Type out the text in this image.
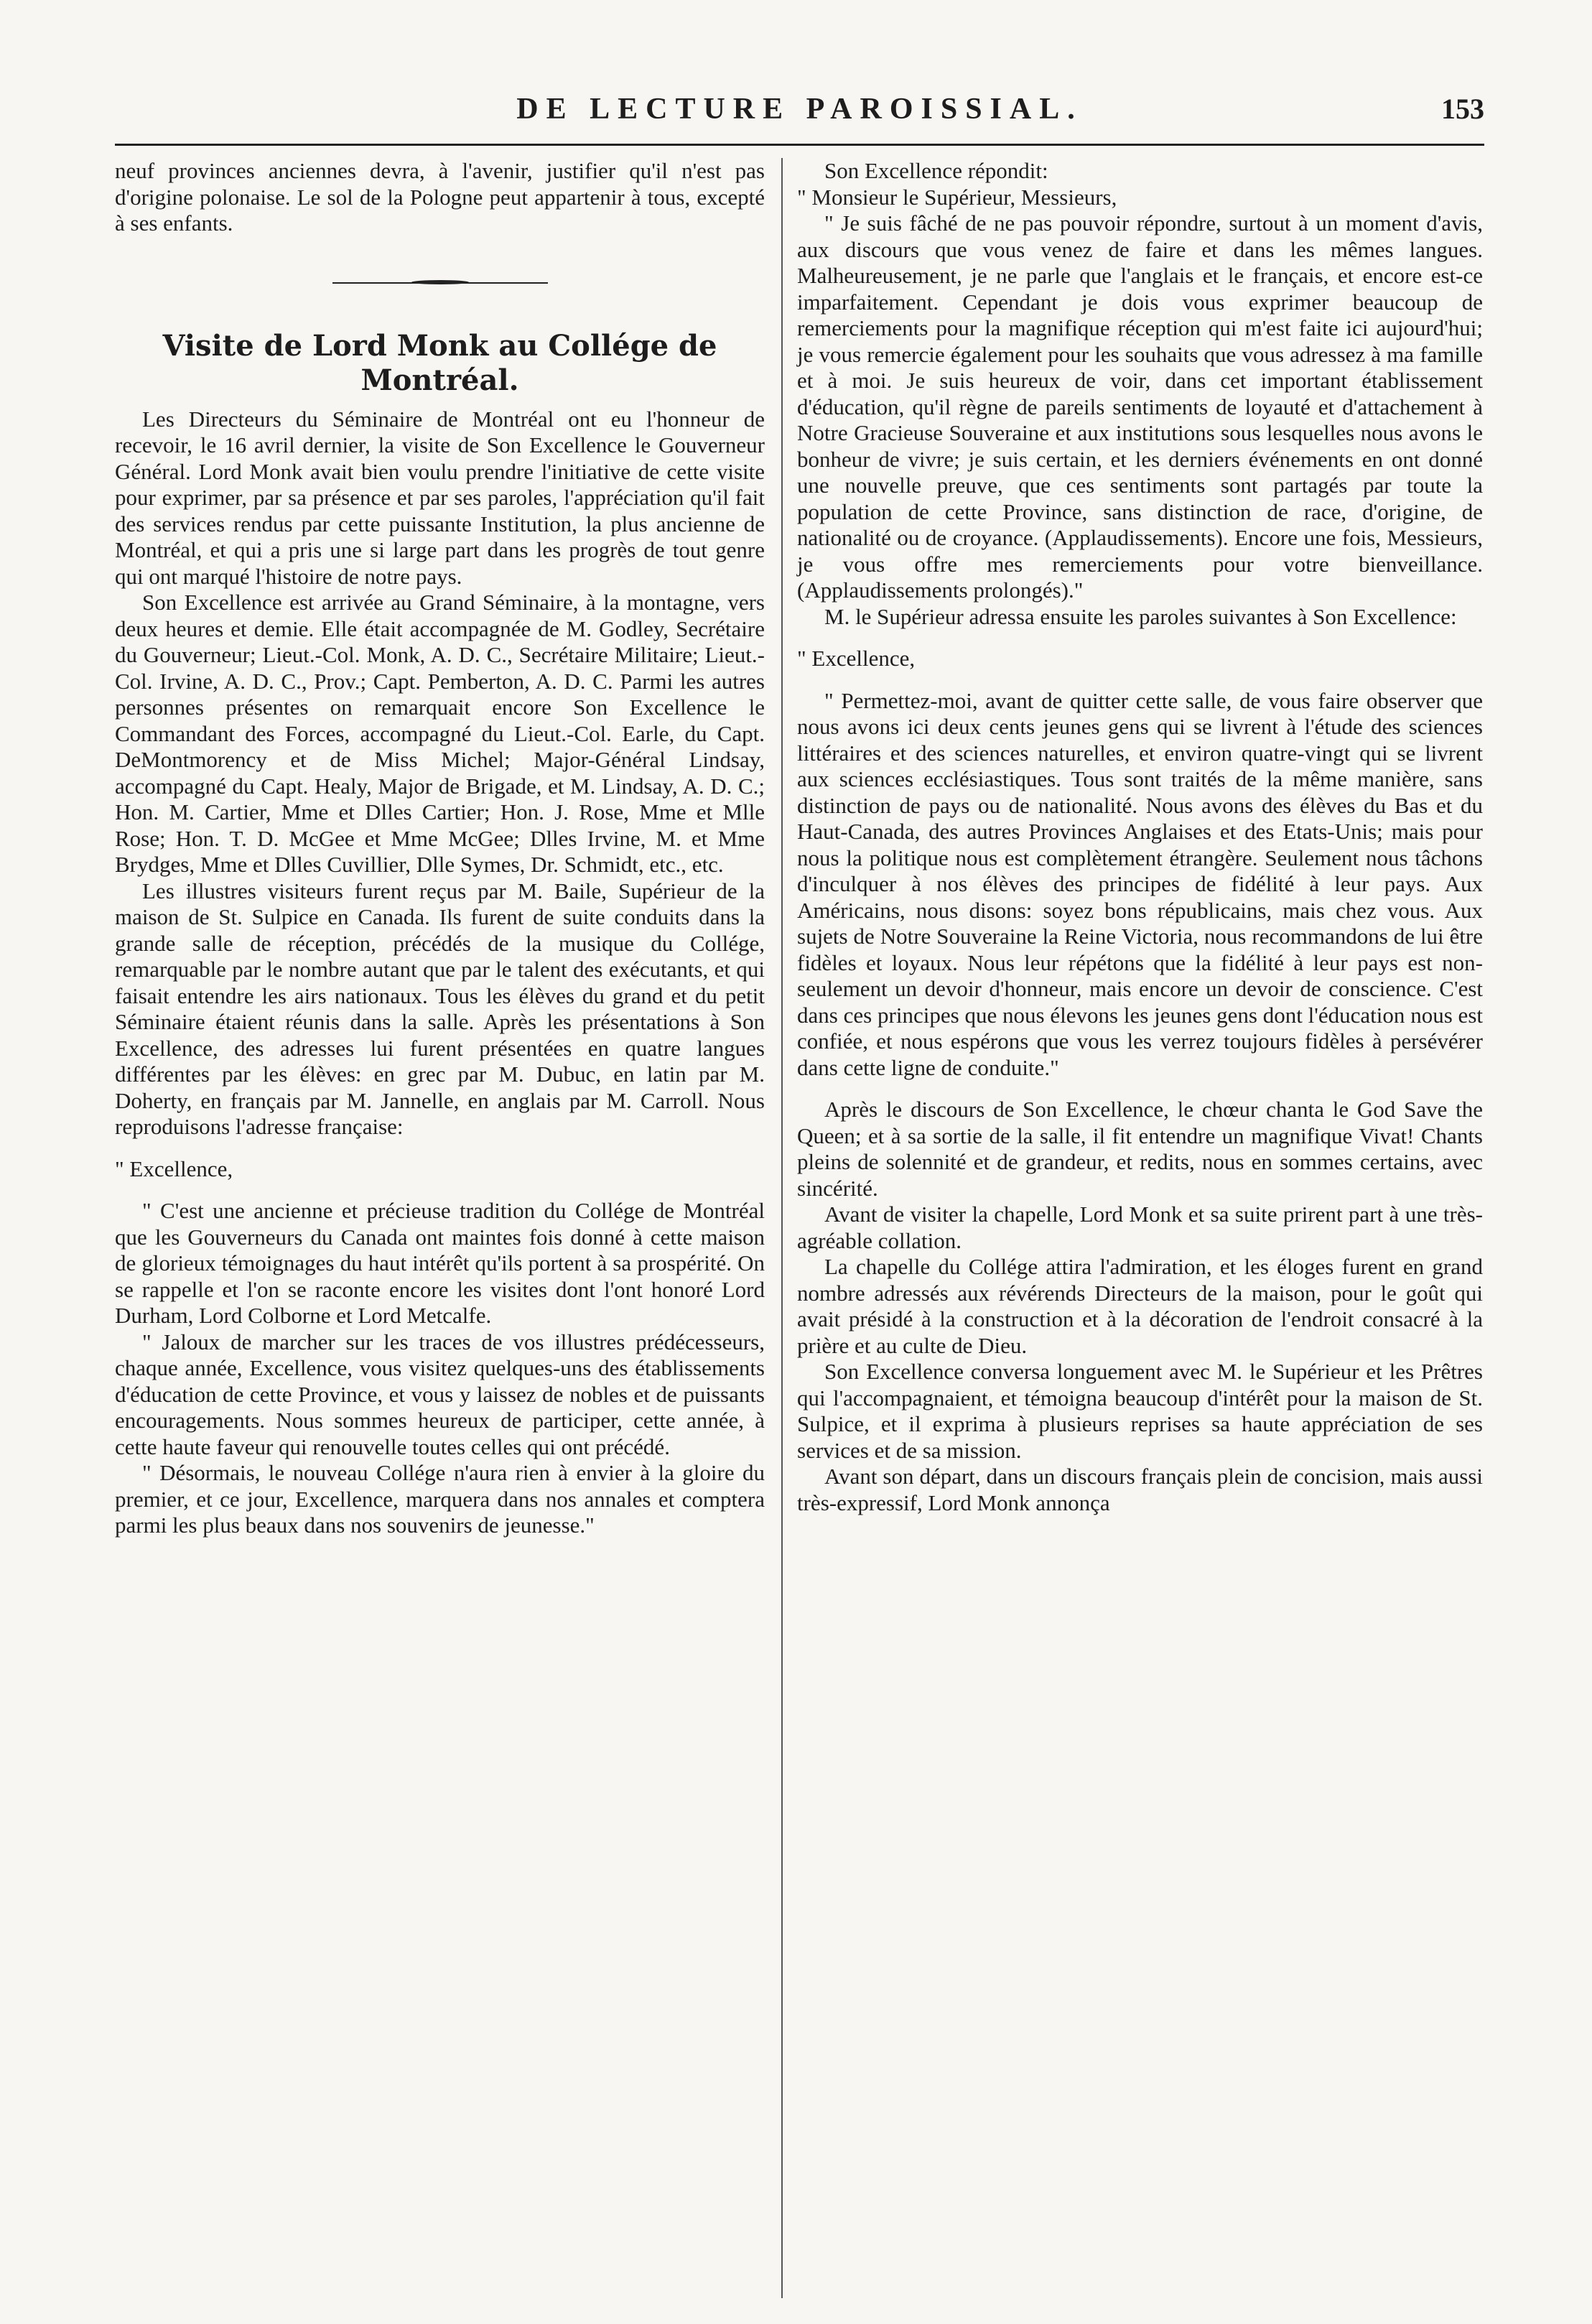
DE LECTURE PAROISSIAL.	153

neuf provinces anciennes devra, à l'avenir, justifier qu'il n'est pas d'origine polonaise. Le sol de la Pologne peut appartenir à tous, excepté à ses enfants.

Visite de Lord Monk au Collége de Montréal.

Les Directeurs du Séminaire de Montréal ont eu l'honneur de recevoir, le 16 avril dernier, la visite de Son Excellence le Gouverneur Général. Lord Monk avait bien voulu prendre l'initiative de cette visite pour exprimer, par sa présence et par ses paroles, l'appréciation qu'il fait des services rendus par cette puissante Institution, la plus ancienne de Montréal, et qui a pris une si large part dans les progrès de tout genre qui ont marqué l'histoire de notre pays.

Son Excellence est arrivée au Grand Séminaire, à la montagne, vers deux heures et demie. Elle était accompagnée de M. Godley, Secrétaire du Gouverneur; Lieut.-Col. Monk, A. D. C., Secrétaire Militaire; Lieut.-Col. Irvine, A. D. C., Prov.; Capt. Pemberton, A. D. C. Parmi les autres personnes présentes on remarquait encore Son Excellence le Commandant des Forces, accompagné du Lieut.-Col. Earle, du Capt. DeMontmorency et de Miss Michel; Major-Général Lindsay, accompagné du Capt. Healy, Major de Brigade, et M. Lindsay, A. D. C.; Hon. M. Cartier, Mme et Dlles Cartier; Hon. J. Rose, Mme et Mlle Rose; Hon. T. D. McGee et Mme McGee; Dlles Irvine, M. et Mme Brydges, Mme et Dlles Cuvillier, Dlle Symes, Dr. Schmidt, etc., etc.

Les illustres visiteurs furent reçus par M. Baile, Supérieur de la maison de St. Sulpice en Canada. Ils furent de suite conduits dans la grande salle de réception, précédés de la musique du Collége, remarquable par le nombre autant que par le talent des exécutants, et qui faisait entendre les airs nationaux. Tous les élèves du grand et du petit Séminaire étaient réunis dans la salle. Après les présentations à Son Excellence, des adresses lui furent présentées en quatre langues différentes par les élèves: en grec par M. Dubuc, en latin par M. Doherty, en français par M. Jannelle, en anglais par M. Carroll. Nous reproduisons l'adresse française:

" Excellence,

" C'est une ancienne et précieuse tradition du Collége de Montréal que les Gouverneurs du Canada ont maintes fois donné à cette maison de glorieux témoignages du haut intérêt qu'ils portent à sa prospérité. On se rappelle et l'on se raconte encore les visites dont l'ont honoré Lord Durham, Lord Colborne et Lord Metcalfe.

" Jaloux de marcher sur les traces de vos illustres prédécesseurs, chaque année, Excellence, vous visitez quelques-uns des établissements d'éducation de cette Province, et vous y laissez de nobles et de puissants encouragements. Nous sommes heureux de participer, cette année, à cette haute faveur qui renouvelle toutes celles qui ont précédé.

" Désormais, le nouveau Collége n'aura rien à envier à la gloire du premier, et ce jour, Excellence, marquera dans nos annales et comptera parmi les plus beaux dans nos souvenirs de jeunesse."

Son Excellence répondit:

" Monsieur le Supérieur, Messieurs,

" Je suis fâché de ne pas pouvoir répondre, surtout à un moment d'avis, aux discours que vous venez de faire et dans les mêmes langues. Malheureusement, je ne parle que l'anglais et le français, et encore est-ce imparfaitement. Cependant je dois vous exprimer beaucoup de remerciements pour la magnifique réception qui m'est faite ici aujourd'hui; je vous remercie également pour les souhaits que vous adressez à ma famille et à moi. Je suis heureux de voir, dans cet important établissement d'éducation, qu'il règne de pareils sentiments de loyauté et d'attachement à Notre Gracieuse Souveraine et aux institutions sous lesquelles nous avons le bonheur de vivre; je suis certain, et les derniers événements en ont donné une nouvelle preuve, que ces sentiments sont partagés par toute la population de cette Province, sans distinction de race, d'origine, de nationalité ou de croyance. (Applaudissements). Encore une fois, Messieurs, je vous offre mes remerciements pour votre bienveillance. (Applaudissements prolongés)."

M. le Supérieur adressa ensuite les paroles suivantes à Son Excellence:

" Excellence,

" Permettez-moi, avant de quitter cette salle, de vous faire observer que nous avons ici deux cents jeunes gens qui se livrent à l'étude des sciences littéraires et des sciences naturelles, et environ quatre-vingt qui se livrent aux sciences ecclésiastiques. Tous sont traités de la même manière, sans distinction de pays ou de nationalité. Nous avons des élèves du Bas et du Haut-Canada, des autres Provinces Anglaises et des Etats-Unis; mais pour nous la politique nous est complètement étrangère. Seulement nous tâchons d'inculquer à nos élèves des principes de fidélité à leur pays. Aux Américains, nous disons: soyez bons républicains, mais chez vous. Aux sujets de Notre Souveraine la Reine Victoria, nous recommandons de lui être fidèles et loyaux. Nous leur répétons que la fidélité à leur pays est non-seulement un devoir d'honneur, mais encore un devoir de conscience. C'est dans ces principes que nous élevons les jeunes gens dont l'éducation nous est confiée, et nous espérons que vous les verrez toujours fidèles à persévérer dans cette ligne de conduite."

Après le discours de Son Excellence, le chœur chanta le God Save the Queen; et à sa sortie de la salle, il fit entendre un magnifique Vivat! Chants pleins de solennité et de grandeur, et redits, nous en sommes certains, avec sincérité.

Avant de visiter la chapelle, Lord Monk et sa suite prirent part à une très-agréable collation.

La chapelle du Collége attira l'admiration, et les éloges furent en grand nombre adressés aux révérends Directeurs de la maison, pour le goût qui avait présidé à la construction et à la décoration de l'endroit consacré à la prière et au culte de Dieu.

Son Excellence conversa longuement avec M. le Supérieur et les Prêtres qui l'accompagnaient, et témoigna beaucoup d'intérêt pour la maison de St. Sulpice, et il exprima à plusieurs reprises sa haute appréciation de ses services et de sa mission.

Avant son départ, dans un discours français plein de concision, mais aussi très-expressif, Lord Monk annonça
